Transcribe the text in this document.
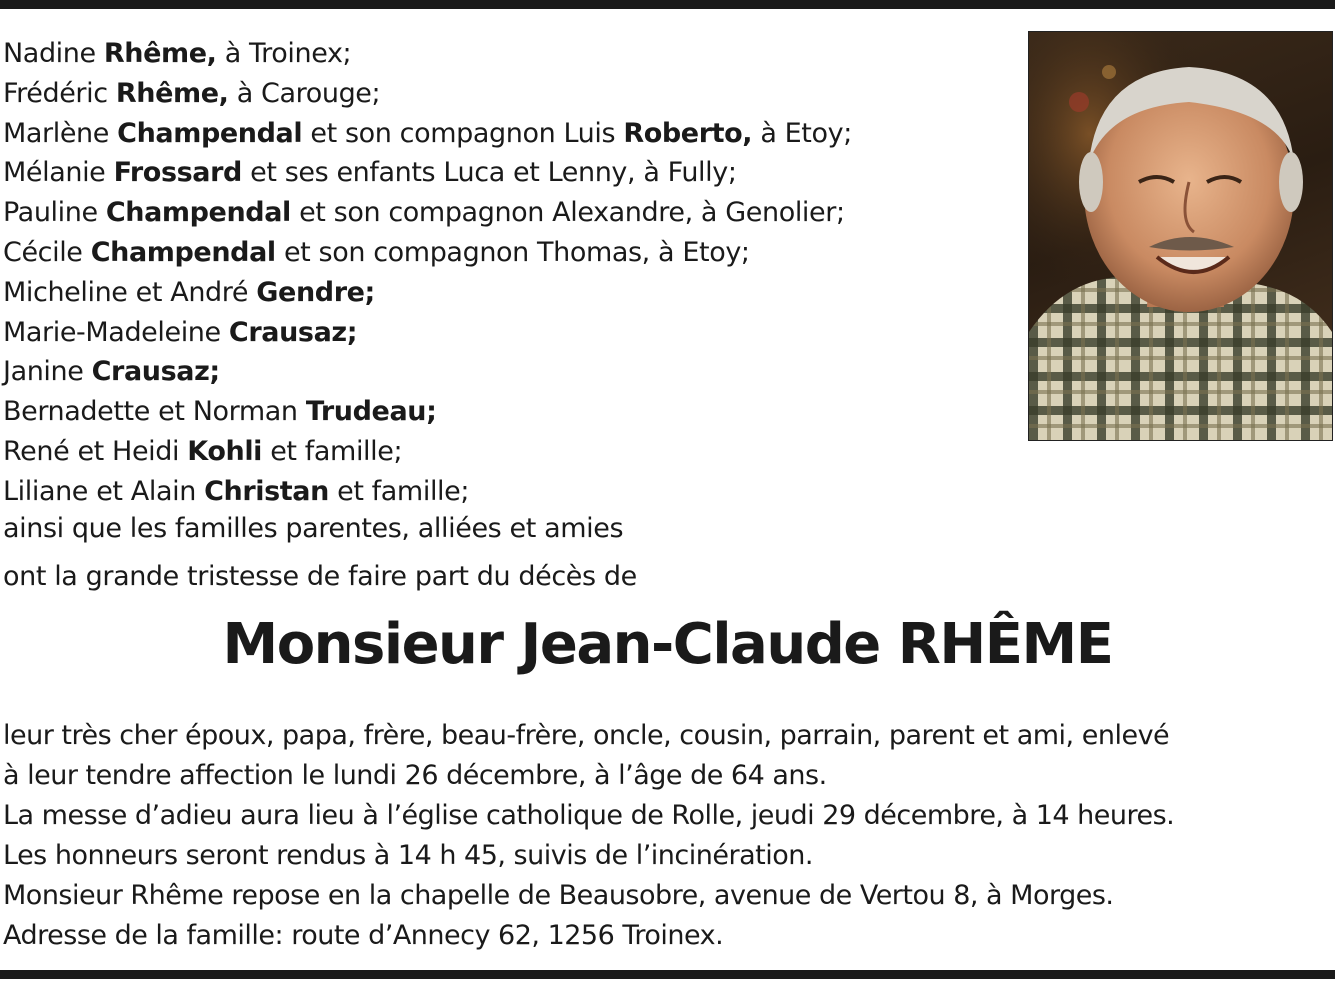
Nadine Rhême, à Troinex;
Frédéric Rhême, à Carouge;
Marlène Champendal et son compagnon Luis Roberto, à Etoy;
Mélanie Frossard et ses enfants Luca et Lenny, à Fully;
Pauline Champendal et son compagnon Alexandre, à Genolier;
Cécile Champendal et son compagnon Thomas, à Etoy;
Micheline et André Gendre;
Marie-Madeleine Crausaz;
Janine Crausaz;
Bernadette et Norman Trudeau;
René et Heidi Kohli et famille;
Liliane et Alain Christan et famille;
ainsi que les familles parentes, alliées et amies
ont la grande tristesse de faire part du décès de
Monsieur Jean-Claude RHÊME
leur très cher époux, papa, frère, beau-frère, oncle, cousin, parrain, parent et ami, enlevé
à leur tendre affection le lundi 26 décembre, à l’âge de 64 ans.
La messe d’adieu aura lieu à l’église catholique de Rolle, jeudi 29 décembre, à 14 heures.
Les honneurs seront rendus à 14 h 45, suivis de l’incinération.
Monsieur Rhême repose en la chapelle de Beausobre, avenue de Vertou 8, à Morges.
Adresse de la famille: route d’Annecy 62, 1256 Troinex.
